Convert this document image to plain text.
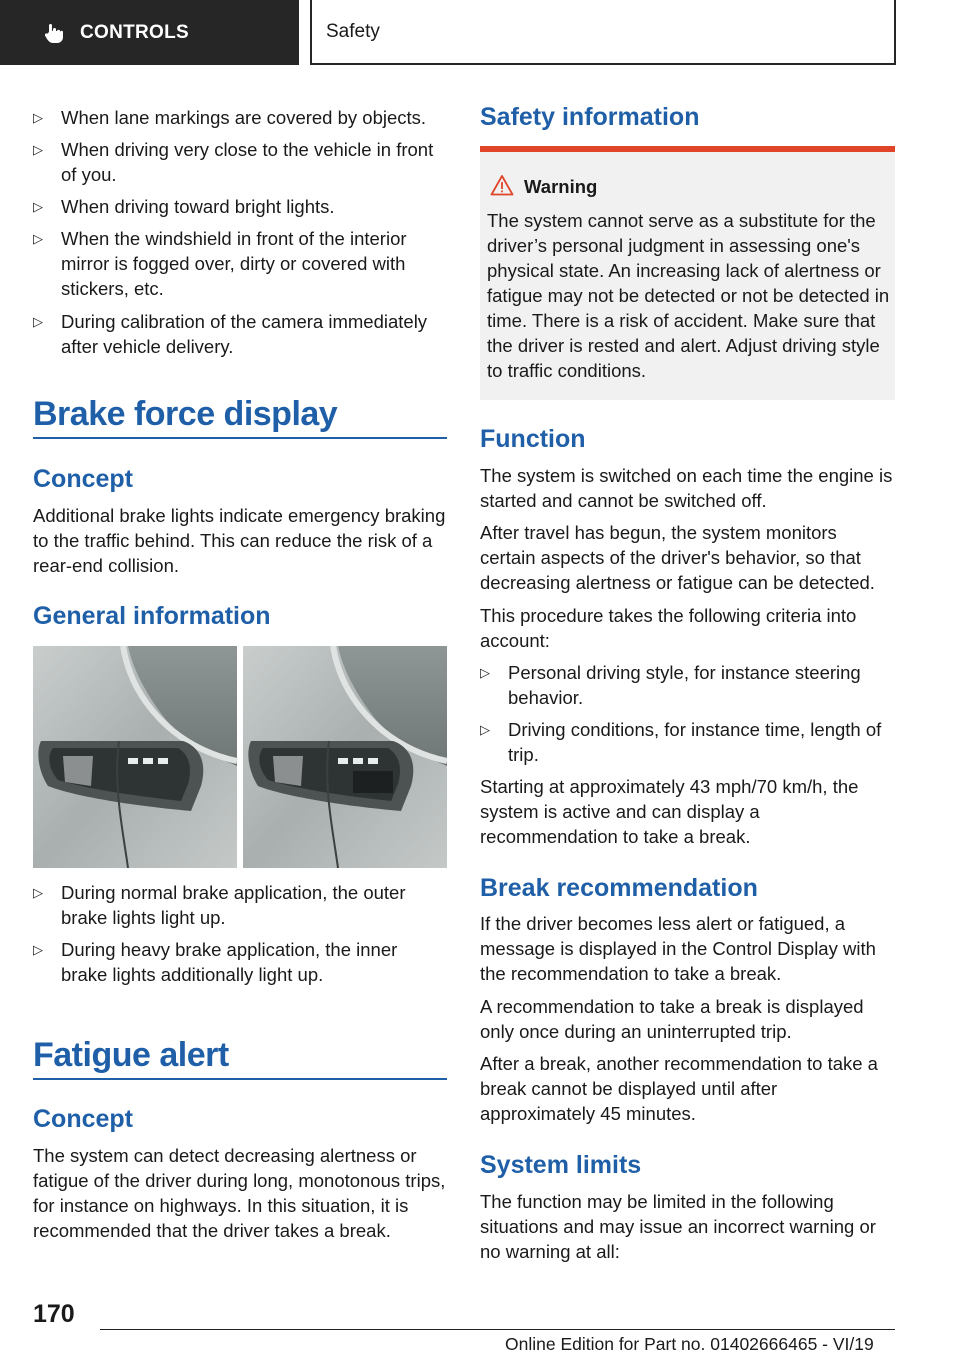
CONTROLS	Safety
▷ When lane markings are covered by objects.
▷ When driving very close to the vehicle in front of you.
▷ When driving toward bright lights.
▷ When the windshield in front of the interior mirror is fogged over, dirty or covered with stickers, etc.
▷ During calibration of the camera immediately after vehicle delivery.
Brake force display
Concept
Additional brake lights indicate emergency braking to the traffic behind. This can reduce the risk of a rear-end collision.
General information
▷ During normal brake application, the outer brake lights light up.
▷ During heavy brake application, the inner brake lights additionally light up.
Fatigue alert
Concept
The system can detect decreasing alertness or fatigue of the driver during long, monotonous trips, for instance on highways. In this situation, it is recommended that the driver takes a break.
Safety information
Warning
The system cannot serve as a substitute for the driver’s personal judgment in assessing one's physical state. An increasing lack of alertness or fatigue may not be detected or not be detected in time. There is a risk of accident. Make sure that the driver is rested and alert. Adjust driving style to traffic conditions.
Function
The system is switched on each time the engine is started and cannot be switched off.
After travel has begun, the system monitors certain aspects of the driver's behavior, so that decreasing alertness or fatigue can be detected.
This procedure takes the following criteria into account:
▷ Personal driving style, for instance steering behavior.
▷ Driving conditions, for instance time, length of trip.
Starting at approximately 43 mph/70 km/h, the system is active and can display a recommendation to take a break.
Break recommendation
If the driver becomes less alert or fatigued, a message is displayed in the Control Display with the recommendation to take a break.
A recommendation to take a break is displayed only once during an uninterrupted trip.
After a break, another recommendation to take a break cannot be displayed until after approximately 45 minutes.
System limits
The function may be limited in the following situations and may issue an incorrect warning or no warning at all:
170
Online Edition for Part no. 01402666465 - VI/19
